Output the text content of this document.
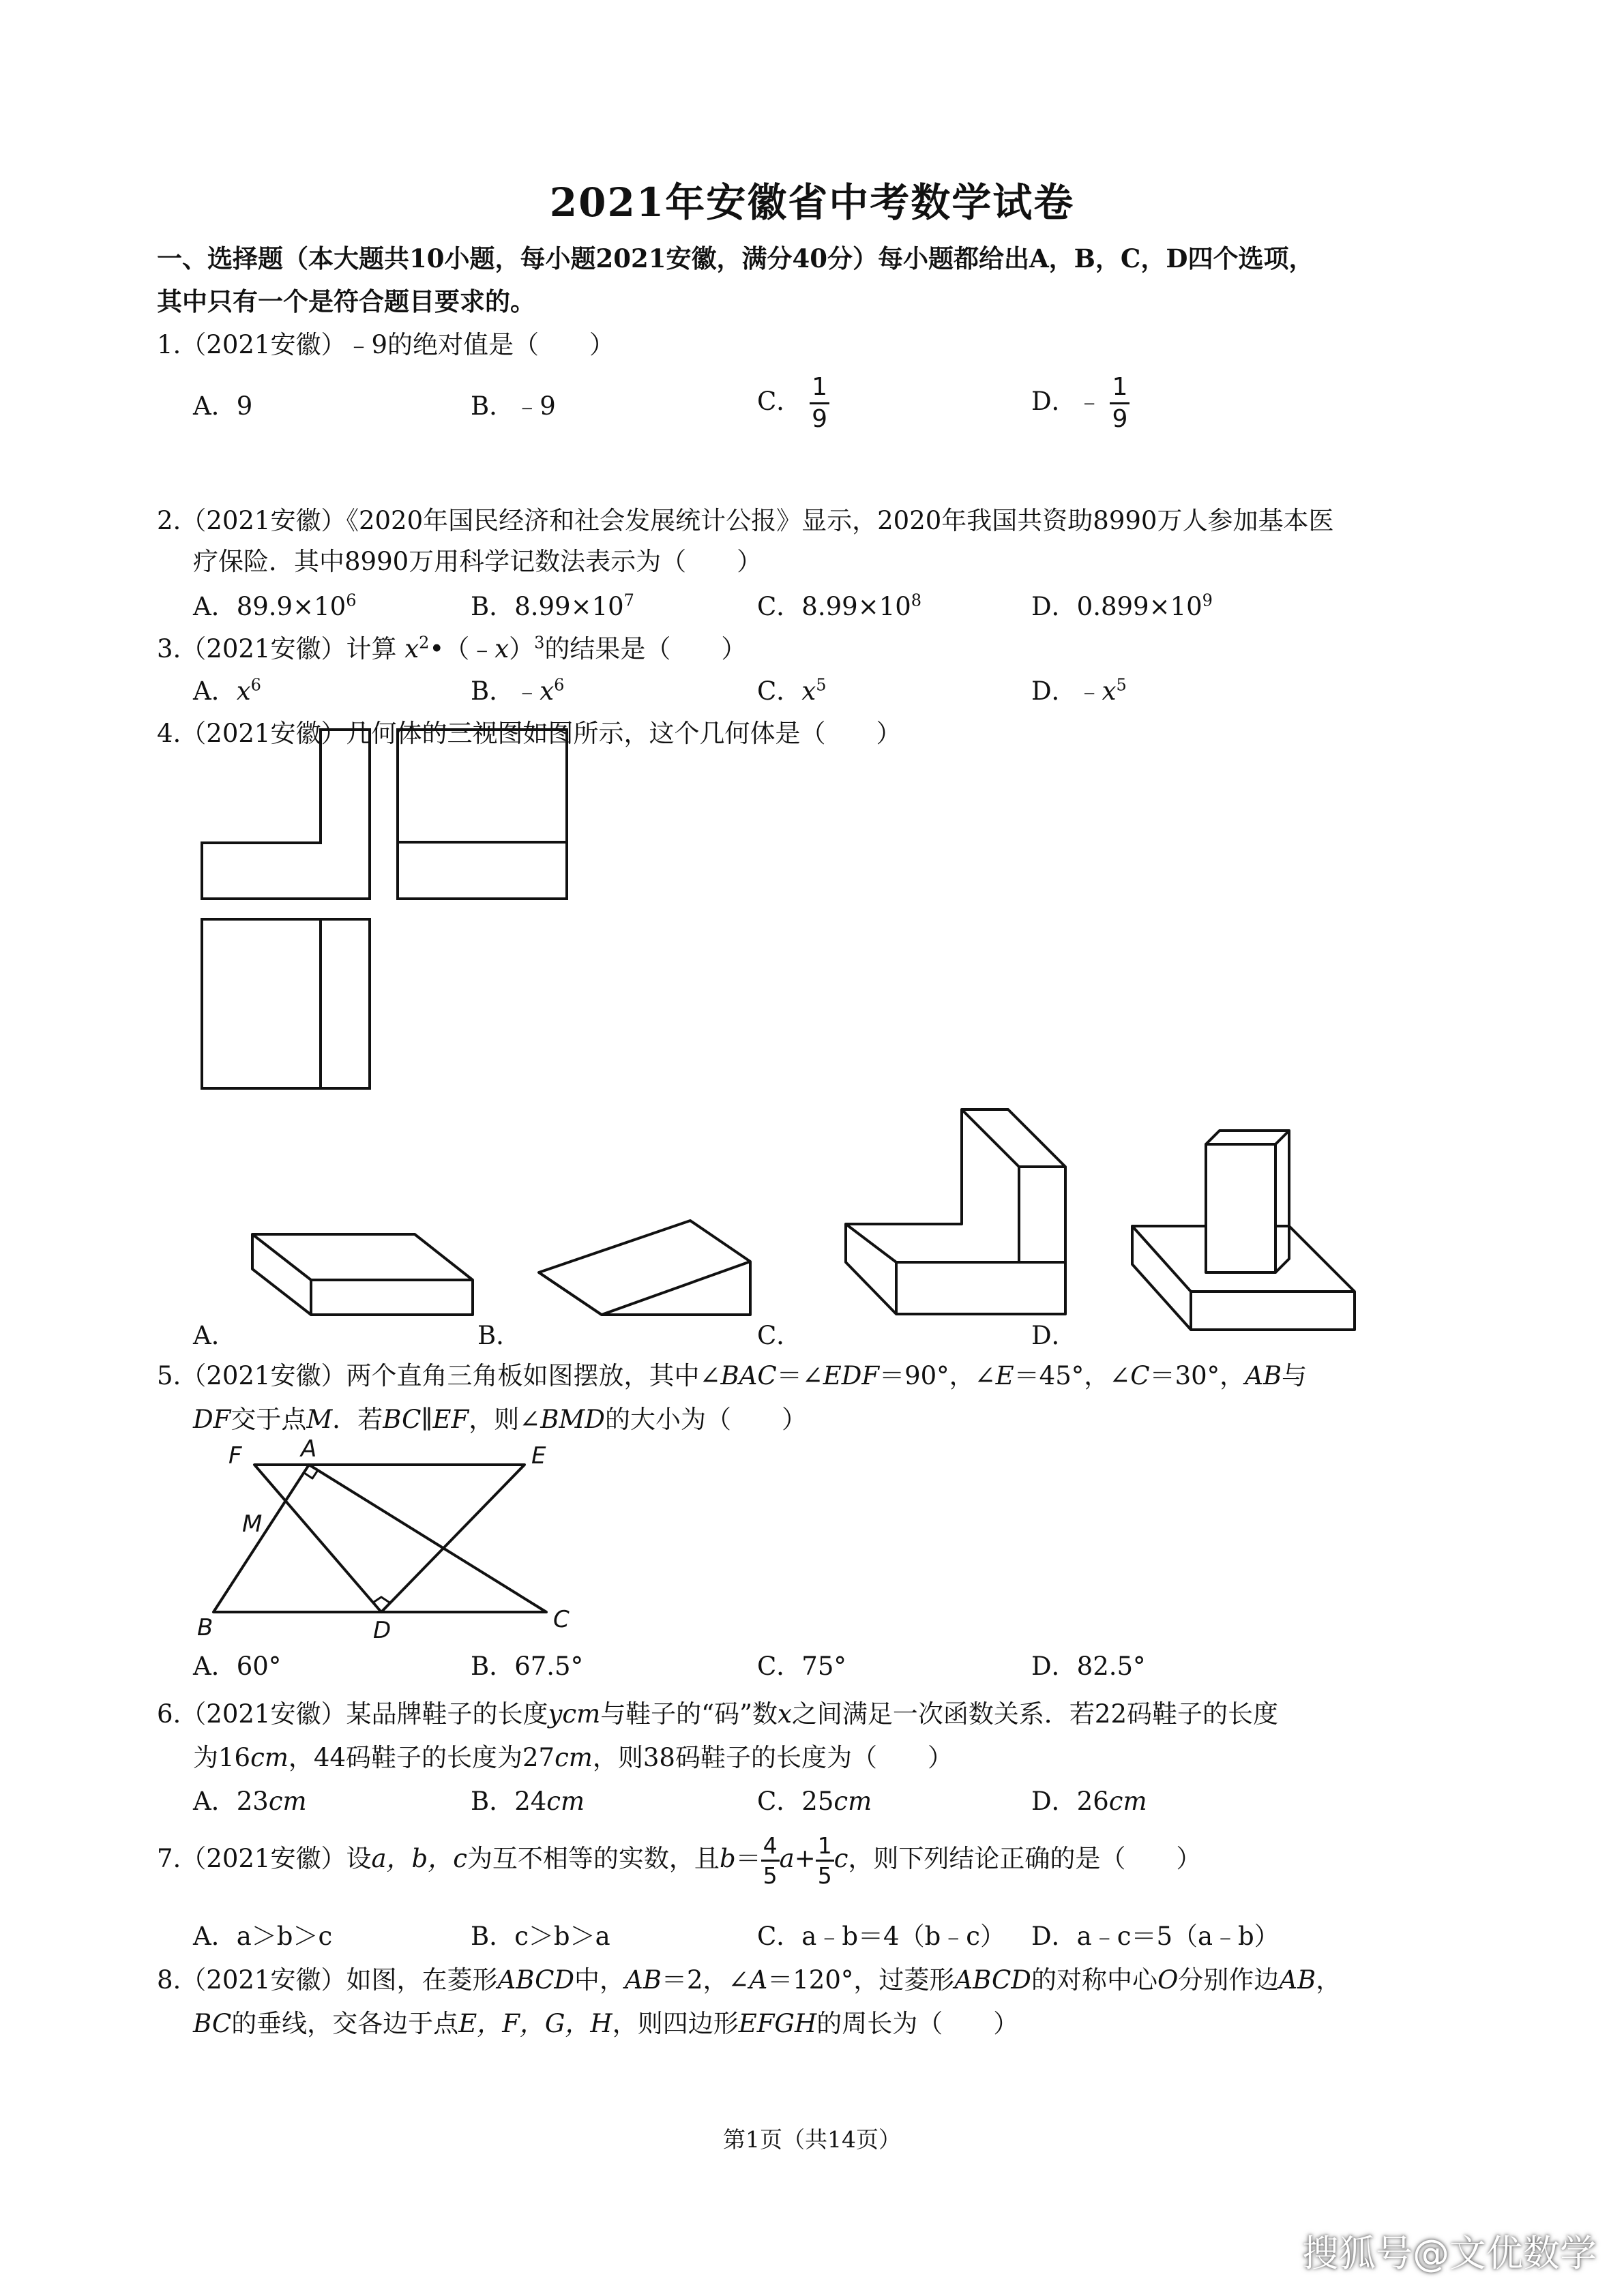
2021年安徽省中考数学试卷
一、选择题（本大题共10小题，每小题2021安徽，满分40分）每小题都给出A，B，C，D四个选项，
其中只有一个是符合题目要求的。
1.（2021安徽）﹣9的绝对值是（　　）
A．9	B．﹣9	C． $\frac{1}{9}$	D．﹣ $\frac{1}{9}$
2.（2021安徽）《2020年国民经济和社会发展统计公报》显示，2020年我国共资助8990万人参加基本医
疗保险．其中8990万用科学记数法表示为（　　）
A．$89.9\times 10^6$	B．$8.99\times 10^7$	C．$8.99\times 10^8$	D．$0.899\times 10^9$
3.（2021安徽）计算 $x^2•(﹣x)^3$的结果是（　　）
A．$x^6$	B．$﹣x^6$	C．$x^5$	D．$﹣x^5$
4.（2021安徽）几何体的三视图如图所示，这个几何体是（　　）
A．	B．	C．	D．
5.（2021安徽）两个直角三角板如图摆放，其中∠BAC＝∠EDF＝90°，∠E＝45°，∠C＝30°，AB与
DF交于点M．若BC∥EF，则∠BMD的大小为（　　）
F	A	E
M
B	D	C
A．60°	B．67.5°	C．75°	D．82.5°
6.（2021安徽）某品牌鞋子的长度ycm与鞋子的“码”数x之间满足一次函数关系．若22码鞋子的长度
为16cm，44码鞋子的长度为27cm，则38码鞋子的长度为（　　）
A．23cm	B．24cm	C．25cm	D．26cm
7.（2021安徽）设a，b，c为互不相等的实数，且$b= \frac{4}{5} a+ \frac{1}{5}$ c，则下列结论正确的是（　　）
A．a＞b＞c	B．c＞b＞a	C．a﹣b＝4（b﹣c） D．a﹣c＝5（a﹣b）
8.（2021安徽）如图，在菱形ABCD中，AB＝2，∠A＝120°，过菱形ABCD的对称中心O分别作边AB，
BC的垂线，交各边于点E，F，G，H，则四边形EFGH的周长为（　　）
第1页（共14页）
搜狐号@文优数学
